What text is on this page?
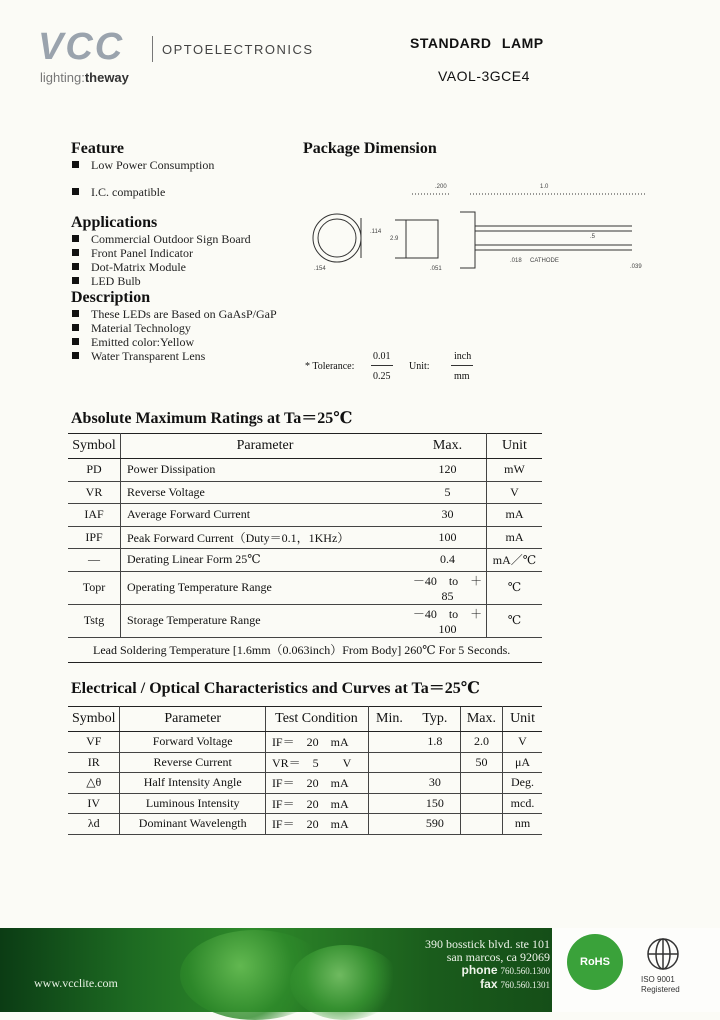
VCC	OPTOELECTRONICS
lighting:theway
STANDARD LAMP
VAOL-3GCE4
Feature
Low Power Consumption
I.C. compatible
Applications
Commercial Outdoor Sign Board
Front Panel Indicator
Dot-Matrix Module
LED Bulb
Description
These LEDs are Based on GaAsP/GaP
Material Technology
Emitted color:Yellow
Water Transparent Lens
Package Dimension
.200	1.0
.114
2.9
.154
.018 CATHODE
.5
.039
.051
* Tolerance:
0.01
0.25
Unit:
inch
mm
Absolute Maximum Ratings at Ta＝25℃
Symbol	Parameter	Max.	Unit
PD	Power Dissipation	120	mW
VR	Reverse Voltage	5	V
IAF	Average Forward Current	30	mA
IPF	Peak Forward Current（Duty＝0.1，1KHz）	100	mA
—	Derating Linear Form 25℃	0.4	mA／℃
Topr	Operating Temperature Range	－40　to　＋85	℃
Tstg	Storage Temperature Range	－40　to　＋100	℃
Lead Soldering Temperature [1.6mm（0.063inch）From Body] 260℃ For 5 Seconds.			
Electrical / Optical Characteristics and Curves at Ta＝25℃
Symbol	Parameter	Test Condition	Min.	Typ.	Max.	Unit
VF	Forward Voltage	IF＝　20　mA		1.8	2.0	V
IR	Reverse Current	VR＝　5　　V			50	μA
△θ	Half Intensity Angle	IF＝　20　mA		30		Deg.
IV	Luminous Intensity	IF＝　20　mA		150		mcd.
λd	Dominant Wavelength	IF＝　20　mA		590		nm
www.vcclite.com
390 bosstick blvd. ste 101
san marcos, ca 92069
phone 760.560.1300
fax 760.560.1301
RoHS
ISO 9001
Registered
